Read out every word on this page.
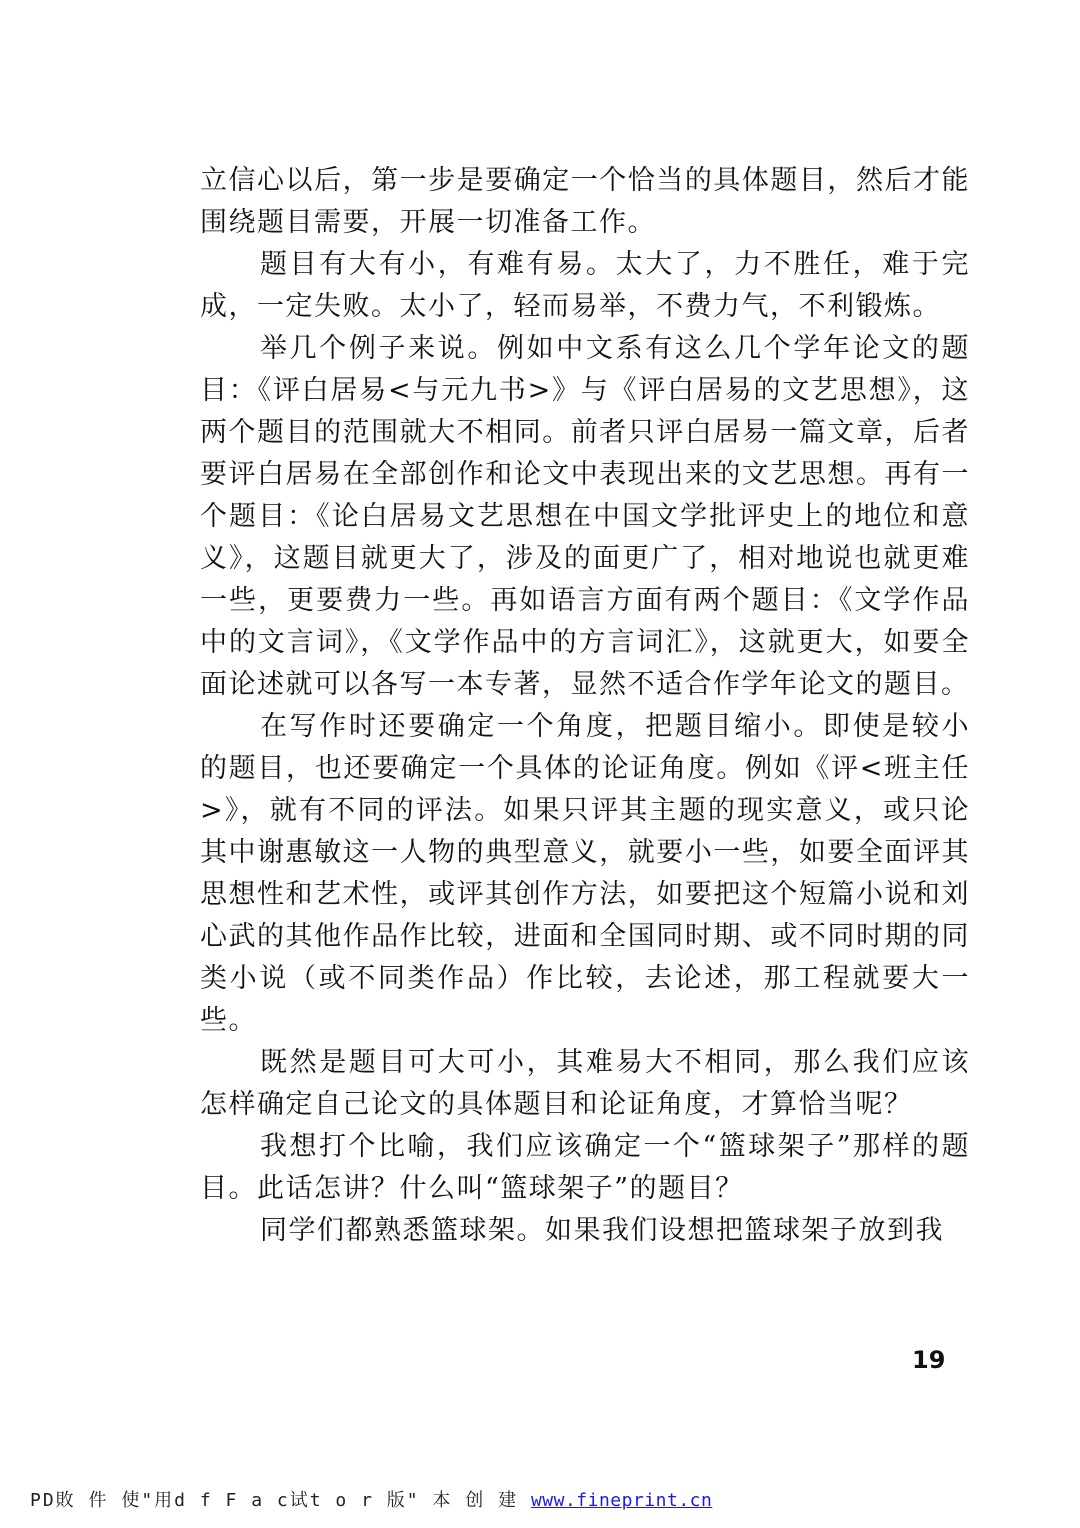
立信心以后，第一步是要确定一个恰当的具体题目，然后才能围绕题目需要，开展一切准备工作。

题目有大有小，有难有易。太大了，力不胜任，难于完成，一定失败。太小了，轻而易举，不费力气，不利锻炼。

举几个例子来说。例如中文系有这么几个学年论文的题目：《评白居易<与元九书>》与《评白居易的文艺思想》，这两个题目的范围就大不相同。前者只评白居易一篇文章，后者要评白居易在全部创作和论文中表现出来的文艺思想。再有一个题目：《论白居易文艺思想在中国文学批评史上的地位和意义》，这题目就更大了，涉及的面更广了，相对地说也就更难一些，更要费力一些。再如语言方面有两个题目：《文学作品中的文言词》，《文学作品中的方言词汇》，这就更大，如要全面论述就可以各写一本专著，显然不适合作学年论文的题目。

在写作时还要确定一个角度，把题目缩小。即使是较小的题目，也还要确定一个具体的论证角度。例如《评<班主任>》，就有不同的评法。如果只评其主题的现实意义，或只论其中谢惠敏这一人物的典型意义，就要小一些，如要全面评其思想性和艺术性，或评其创作方法，如要把这个短篇小说和刘心武的其他作品作比较，进面和全国同时期、或不同时期的同类小说（或不同类作品）作比较，去论述，那工程就要大一些。

既然是题目可大可小，其难易大不相同，那么我们应该怎样确定自己论文的具体题目和论证角度，才算恰当呢？

我想打个比喻，我们应该确定一个“篮球架子”那样的题目。此话怎讲？什么叫“篮球架子”的题目？

同学们都熟悉篮球架。如果我们设想把篮球架子放到我

19
PD敗 件 使"用d f F a c试t o r 版" 本 创 建 www.fineprint.cn
